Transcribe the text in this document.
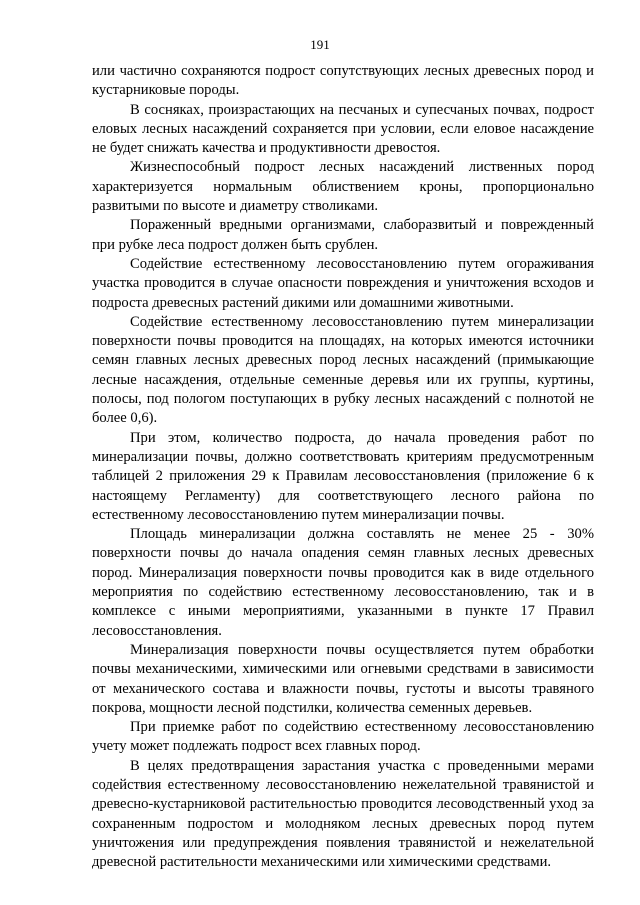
191

или частично сохраняются подрост сопутствующих лесных древесных пород и кустарниковые породы.

В сосняках, произрастающих на песчаных и супесчаных почвах, подрост еловых лесных насаждений сохраняется при условии, если еловое насаждение не будет снижать качества и продуктивности древостоя.

Жизнеспособный подрост лесных насаждений лиственных пород характеризуется нормальным облиствением кроны, пропорционально развитыми по высоте и диаметру стволиками.

Пораженный вредными организмами, слаборазвитый и поврежденный при рубке леса подрост должен быть срублен.

Содействие естественному лесовосстановлению путем огораживания участка проводится в случае опасности повреждения и уничтожения всходов и подроста древесных растений дикими или домашними животными.

Содействие естественному лесовосстановлению путем минерализации поверхности почвы проводится на площадях, на которых имеются источники семян главных лесных древесных пород лесных насаждений (примыкающие лесные насаждения, отдельные семенные деревья или их группы, куртины, полосы, под пологом поступающих в рубку лесных насаждений с полнотой не более 0,6).

При этом, количество подроста, до начала проведения работ по минерализации почвы, должно соответствовать критериям предусмотренным таблицей 2 приложения 29 к Правилам лесовосстановления (приложение 6 к настоящему Регламенту) для соответствующего лесного района по естественному лесовосстановлению путем минерализации почвы.

Площадь минерализации должна составлять не менее 25 - 30% поверхности почвы до начала опадения семян главных лесных древесных пород. Минерализация поверхности почвы проводится как в виде отдельного мероприятия по содействию естественному лесовосстановлению, так и в комплексе с иными мероприятиями, указанными в пункте 17 Правил лесовосстановления.

Минерализация поверхности почвы осуществляется путем обработки почвы механическими, химическими или огневыми средствами в зависимости от механического состава и влажности почвы, густоты и высоты травяного покрова, мощности лесной подстилки, количества семенных деревьев.

При приемке работ по содействию естественному лесовосстановлению учету может подлежать подрост всех главных пород.

В целях предотвращения зарастания участка с проведенными мерами содействия естественному лесовосстановлению нежелательной травянистой и древесно-кустарниковой растительностью проводится лесоводственный уход за сохраненным подростом и молодняком лесных древесных пород путем уничтожения или предупреждения появления травянистой и нежелательной древесной растительности механическими или химическими средствами.
